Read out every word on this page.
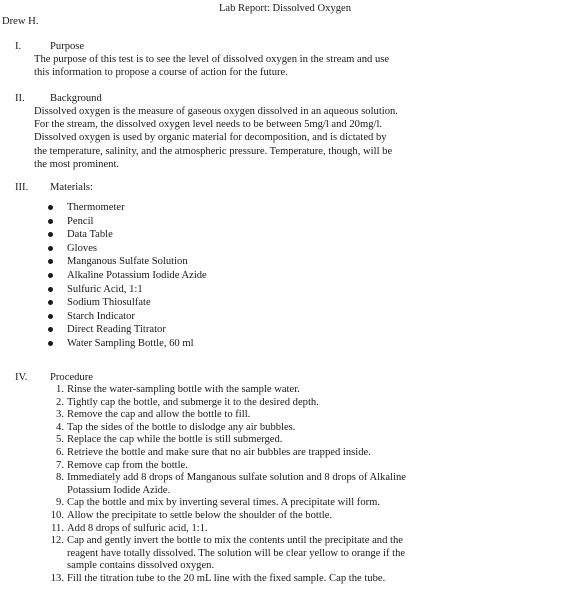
Lab Report: Dissolved Oxygen
Drew H.
I.	Purpose
The purpose of this test is to see the level of dissolved oxygen in the stream and use this information to propose a course of action for the future.
II. Background
Dissolved oxygen is the measure of gaseous oxygen dissolved in an aqueous solution. For the stream, the dissolved oxygen level needs to be between 5mg/l and 20mg/l. Dissolved oxygen is used by organic material for decomposition, and is dictated by the temperature, salinity, and the atmospheric pressure. Temperature, though, will be the most prominent.
III. Materials:
Thermometer
Pencil
Data Table
Gloves
Manganous Sulfate Solution
Alkaline Potassium Iodide Azide
Sulfuric Acid, 1:1
Sodium Thiosulfate
Starch Indicator
Direct Reading Titrator
Water Sampling Bottle, 60 ml
IV. Procedure
1. Rinse the water-sampling bottle with the sample water.
2. Tightly cap the bottle, and submerge it to the desired depth.
3. Remove the cap and allow the bottle to fill.
4. Tap the sides of the bottle to dislodge any air bubbles.
5. Replace the cap while the bottle is still submerged.
6. Retrieve the bottle and make sure that no air bubbles are trapped inside.
7. Remove cap from the bottle.
8. Immediately add 8 drops of Manganous sulfate solution and 8 drops of Alkaline Potassium Iodide Azide.
9. Cap the bottle and mix by inverting several times. A precipitate will form.
10. Allow the precipitate to settle below the shoulder of the bottle.
11. Add 8 drops of sulfuric acid, 1:1.
12. Cap and gently invert the bottle to mix the contents until the precipitate and the reagent have totally dissolved. The solution will be clear yellow to orange if the sample contains dissolved oxygen.
13. Fill the titration tube to the 20 mL line with the fixed sample. Cap the tube.
